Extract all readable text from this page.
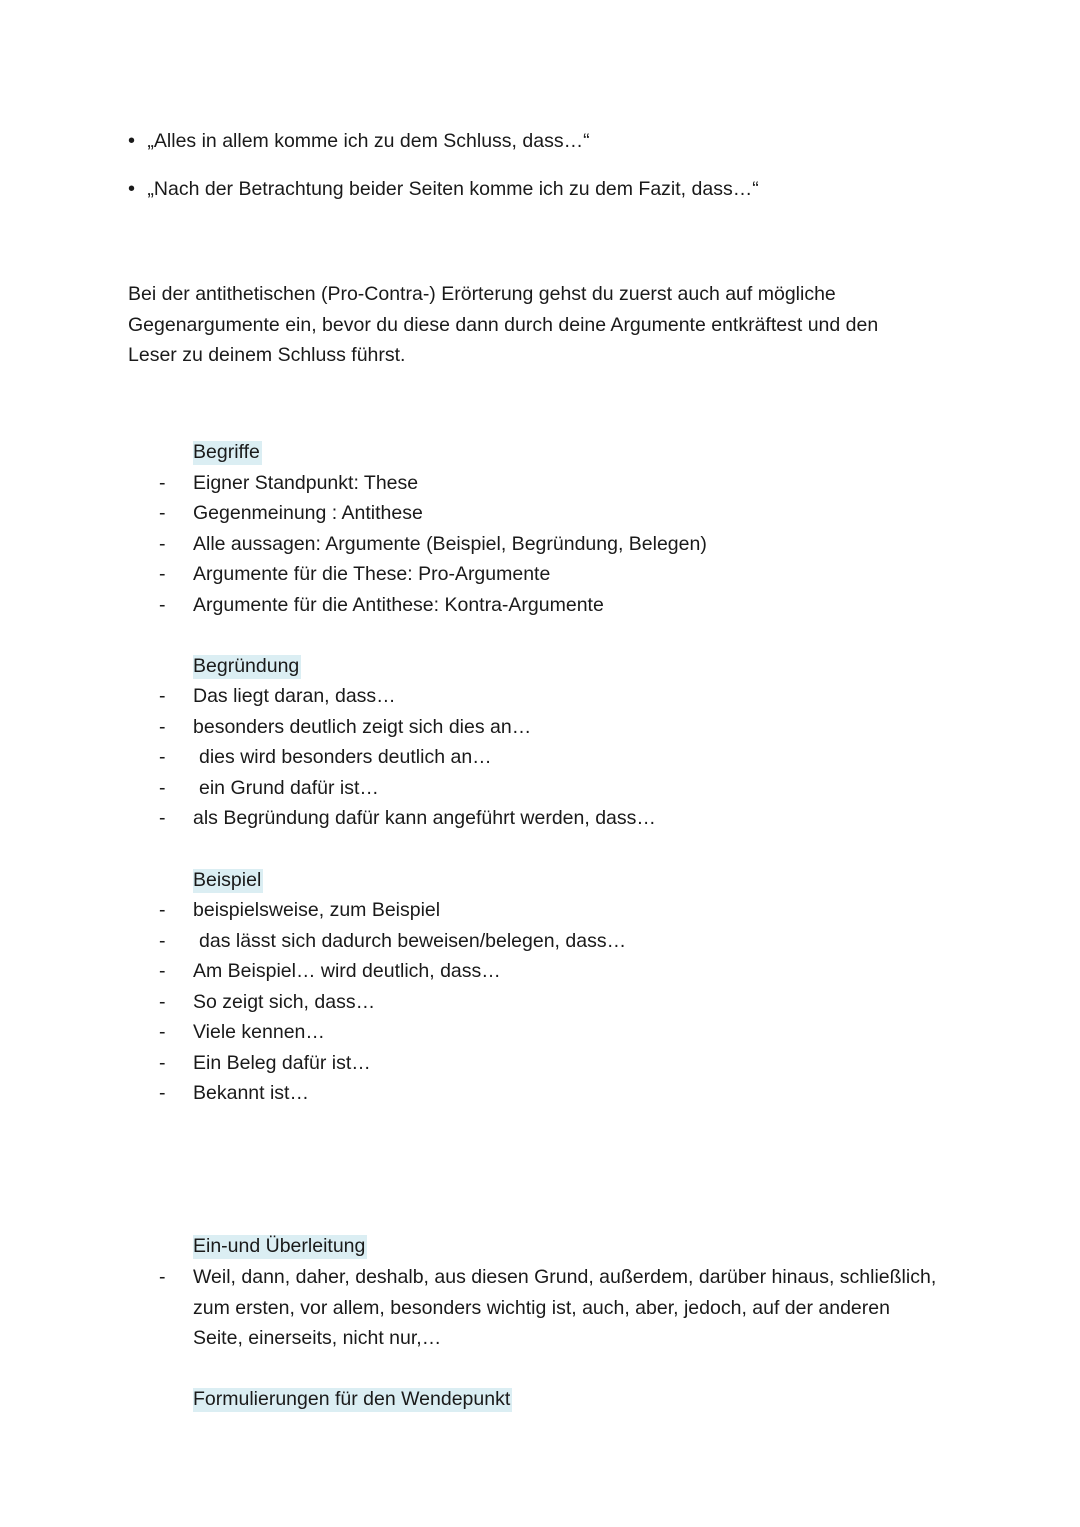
• „Alles in allem komme ich zu dem Schluss, dass…“
• „Nach der Betrachtung beider Seiten komme ich zu dem Fazit, dass…“
Bei der antithetischen (Pro-Contra-) Erörterung gehst du zuerst auch auf mögliche
Gegenargumente ein, bevor du diese dann durch deine Argumente entkräftest und den
Leser zu deinem Schluss führst.
Begriffe
- Eigner Standpunkt: These
- Gegenmeinung : Antithese
- Alle aussagen: Argumente (Beispiel, Begründung, Belegen)
- Argumente für die These: Pro-Argumente
- Argumente für die Antithese: Kontra-Argumente
Begründung
- Das liegt daran, dass…
- besonders deutlich zeigt sich dies an…
- dies wird besonders deutlich an…
- ein Grund dafür ist…
- als Begründung dafür kann angeführt werden, dass…
Beispiel
- beispielsweise, zum Beispiel
- das lässt sich dadurch beweisen/belegen, dass…
- Am Beispiel… wird deutlich, dass…
- So zeigt sich, dass…
- Viele kennen…
- Ein Beleg dafür ist…
- Bekannt ist…
Ein-und Überleitung
- Weil, dann, daher, deshalb, aus diesen Grund, außerdem, darüber hinaus, schließlich,
zum ersten, vor allem, besonders wichtig ist, auch, aber, jedoch, auf der anderen
Seite, einerseits, nicht nur,…
Formulierungen für den Wendepunkt
